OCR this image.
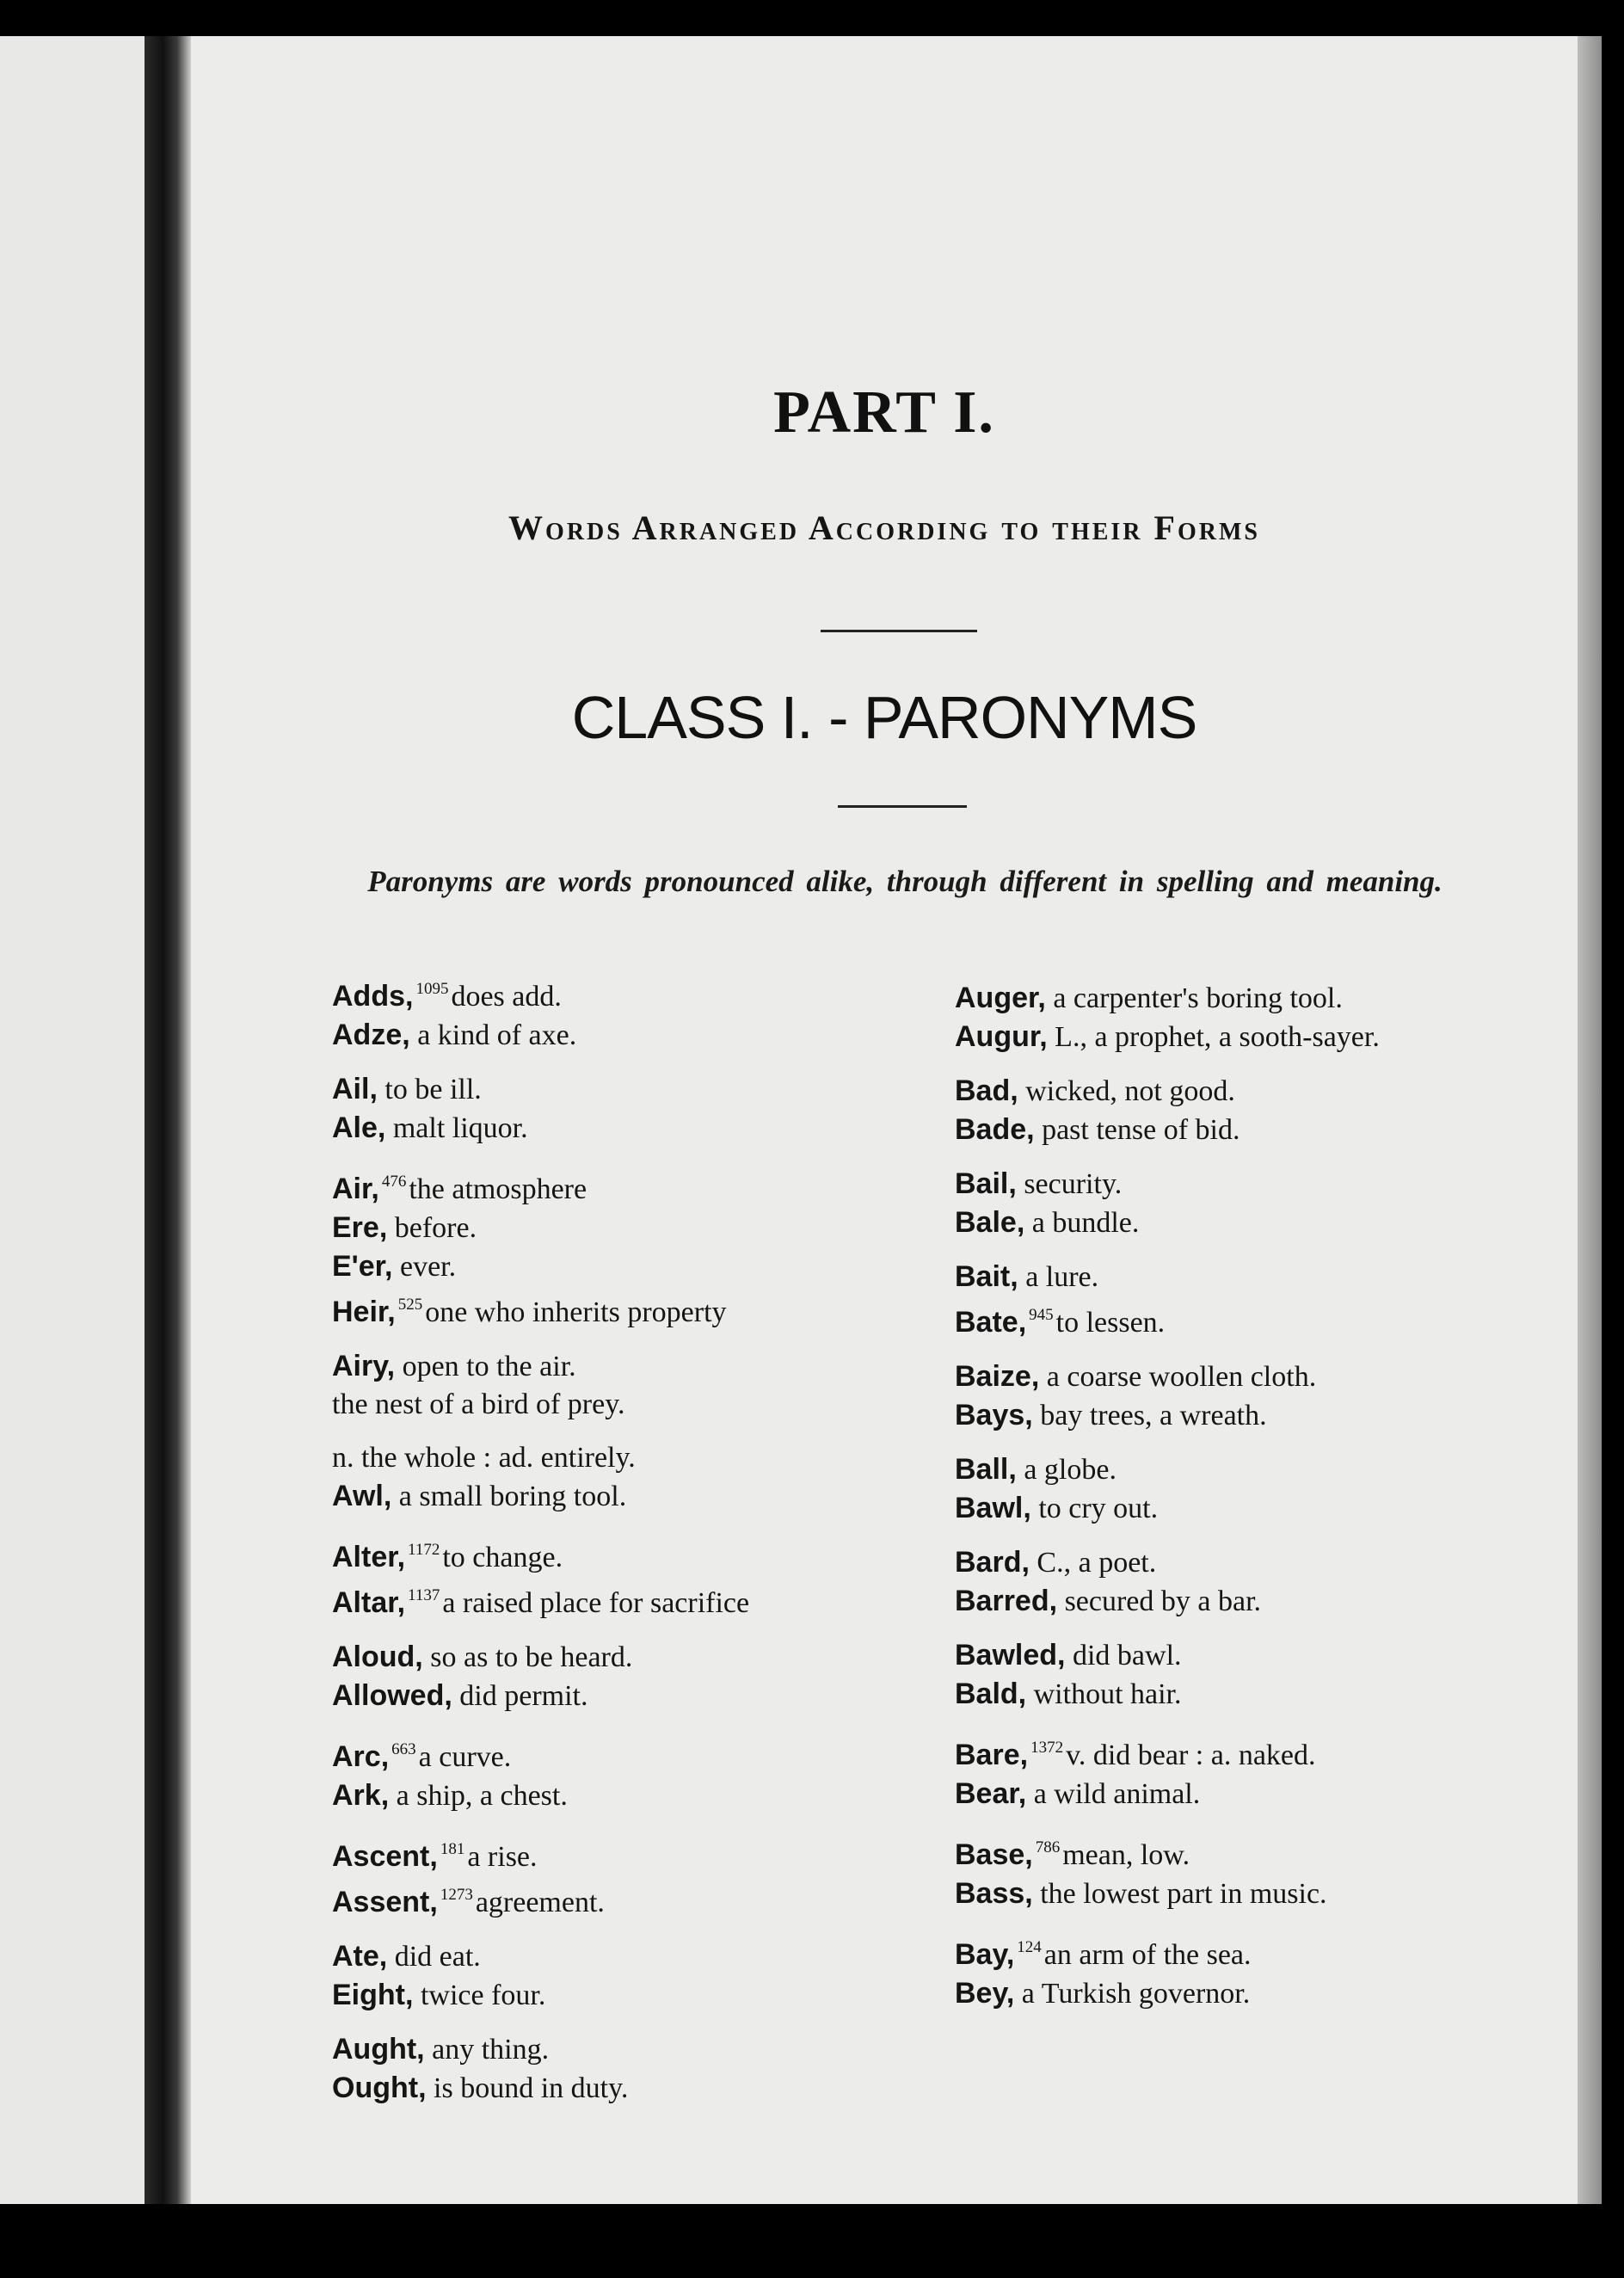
PART I.
Words Arranged According to their Forms
CLASS I. - PARONYMS
Paronyms are words pronounced alike, through different in spelling and meaning.
Adds, $^{1095}$does add.
Adze, a kind of axe.
Ail, to be ill.
Ale, malt liquor.
Air, $^{476}$the atmosphere
Ere, before.
E'er, ever.
Heir, $^{525}$one who inherits property
Airy, open to the air.
the nest of a bird of prey.
n. the whole : ad. entirely.
Awl, a small boring tool.
Alter, $^{1172}$to change.
Altar, $^{1137}$a raised place for sacrifice
Aloud, so as to be heard.
Allowed, did permit.
Arc, $^{663}$a curve.
Ark, a ship, a chest.
Ascent, $^{181}$a rise.
Assent, $^{1273}$agreement.
Ate, did eat.
Eight, twice four.
Aught, any thing.
Ought, is bound in duty.
Auger, a carpenter's boring tool.
Augur, L., a prophet, a sooth-sayer.
Bad, wicked, not good.
Bade, past tense of bid.
Bail, security.
Bale, a bundle.
Bait, a lure.
Bate, $^{945}$to lessen.
Baize, a coarse woollen cloth.
Bays, bay trees, a wreath.
Ball, a globe.
Bawl, to cry out.
Bard, C., a poet.
Barred, secured by a bar.
Bawled, did bawl.
Bald, without hair.
Bare, $^{1372}$v. did bear : a. naked.
Bear, a wild animal.
Base, $^{786}$mean, low.
Bass, the lowest part in music.
Bay, $^{124}$an arm of the sea.
Bey, a Turkish governor.
